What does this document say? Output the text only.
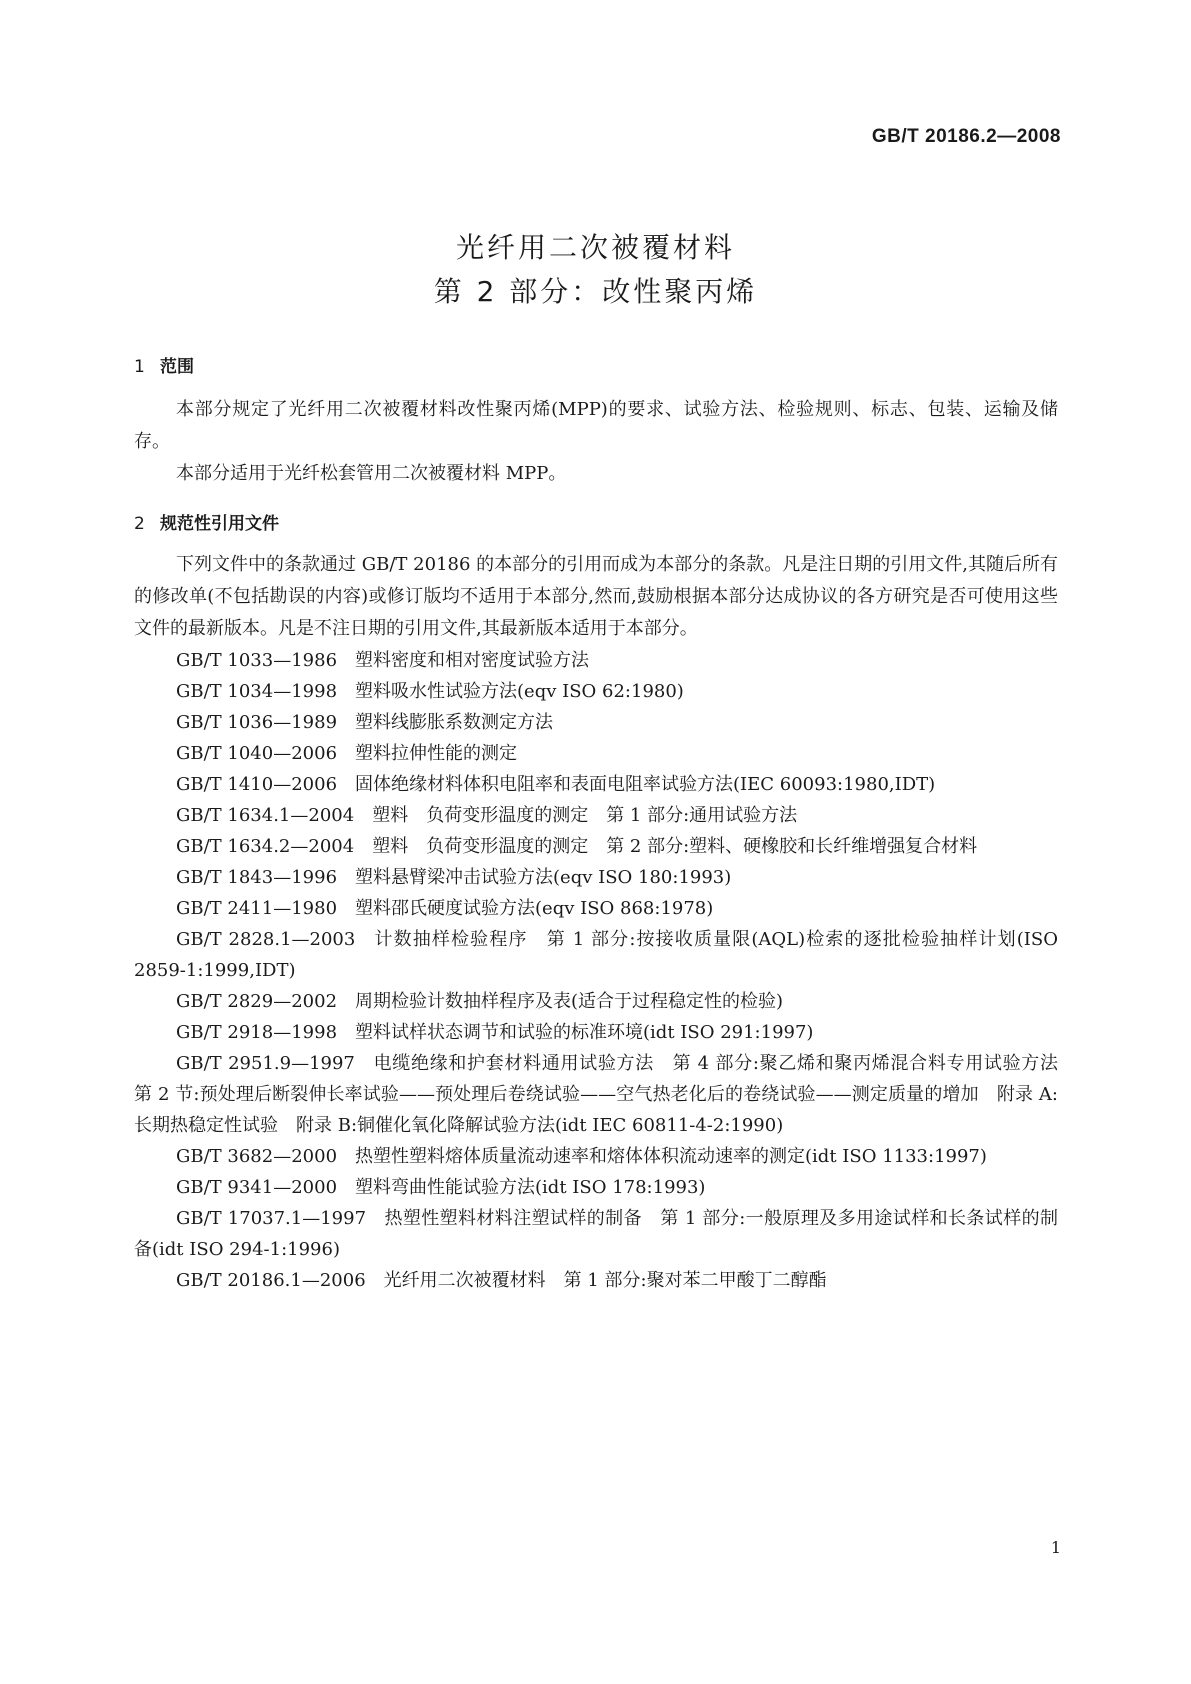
GB/T 20186.2—2008
光纤用二次被覆材料
第 2 部分：改性聚丙烯
1 范围

本部分规定了光纤用二次被覆材料改性聚丙烯(MPP)的要求、试验方法、检验规则、标志、包装、运输及储存。

本部分适用于光纤松套管用二次被覆材料 MPP。

2 规范性引用文件

下列文件中的条款通过 GB/T 20186 的本部分的引用而成为本部分的条款。凡是注日期的引用文件,其随后所有的修改单(不包括勘误的内容)或修订版均不适用于本部分,然而,鼓励根据本部分达成协议的各方研究是否可使用这些文件的最新版本。凡是不注日期的引用文件,其最新版本适用于本部分。

GB/T 1033—1986 塑料密度和相对密度试验方法

GB/T 1034—1998 塑料吸水性试验方法(eqv ISO 62:1980)

GB/T 1036—1989 塑料线膨胀系数测定方法

GB/T 1040—2006 塑料拉伸性能的测定

GB/T 1410—2006 固体绝缘材料体积电阻率和表面电阻率试验方法(IEC 60093:1980,IDT)

GB/T 1634.1—2004 塑料　负荷变形温度的测定　第 1 部分:通用试验方法

GB/T 1634.2—2004 塑料　负荷变形温度的测定　第 2 部分:塑料、硬橡胶和长纤维增强复合材料

GB/T 1843—1996 塑料悬臂梁冲击试验方法(eqv ISO 180:1993)

GB/T 2411—1980 塑料邵氏硬度试验方法(eqv ISO 868:1978)

GB/T 2828.1—2003 计数抽样检验程序　第 1 部分:按接收质量限(AQL)检索的逐批检验抽样计划(ISO 2859-1:1999,IDT)

GB/T 2829—2002 周期检验计数抽样程序及表(适合于过程稳定性的检验)

GB/T 2918—1998 塑料试样状态调节和试验的标准环境(idt ISO 291:1997)

GB/T 2951.9—1997 电缆绝缘和护套材料通用试验方法　第 4 部分:聚乙烯和聚丙烯混合料专用试验方法　第 2 节:预处理后断裂伸长率试验——预处理后卷绕试验——空气热老化后的卷绕试验——测定质量的增加　附录 A:长期热稳定性试验　附录 B:铜催化氧化降解试验方法(idt IEC 60811-4-2:1990)

GB/T 3682—2000 热塑性塑料熔体质量流动速率和熔体体积流动速率的测定(idt ISO 1133:1997)

GB/T 9341—2000 塑料弯曲性能试验方法(idt ISO 178:1993)

GB/T 17037.1—1997 热塑性塑料材料注塑试样的制备　第 1 部分:一般原理及多用途试样和长条试样的制备(idt ISO 294-1:1996)

GB/T 20186.1—2006 光纤用二次被覆材料　第 1 部分:聚对苯二甲酸丁二醇酯

1
